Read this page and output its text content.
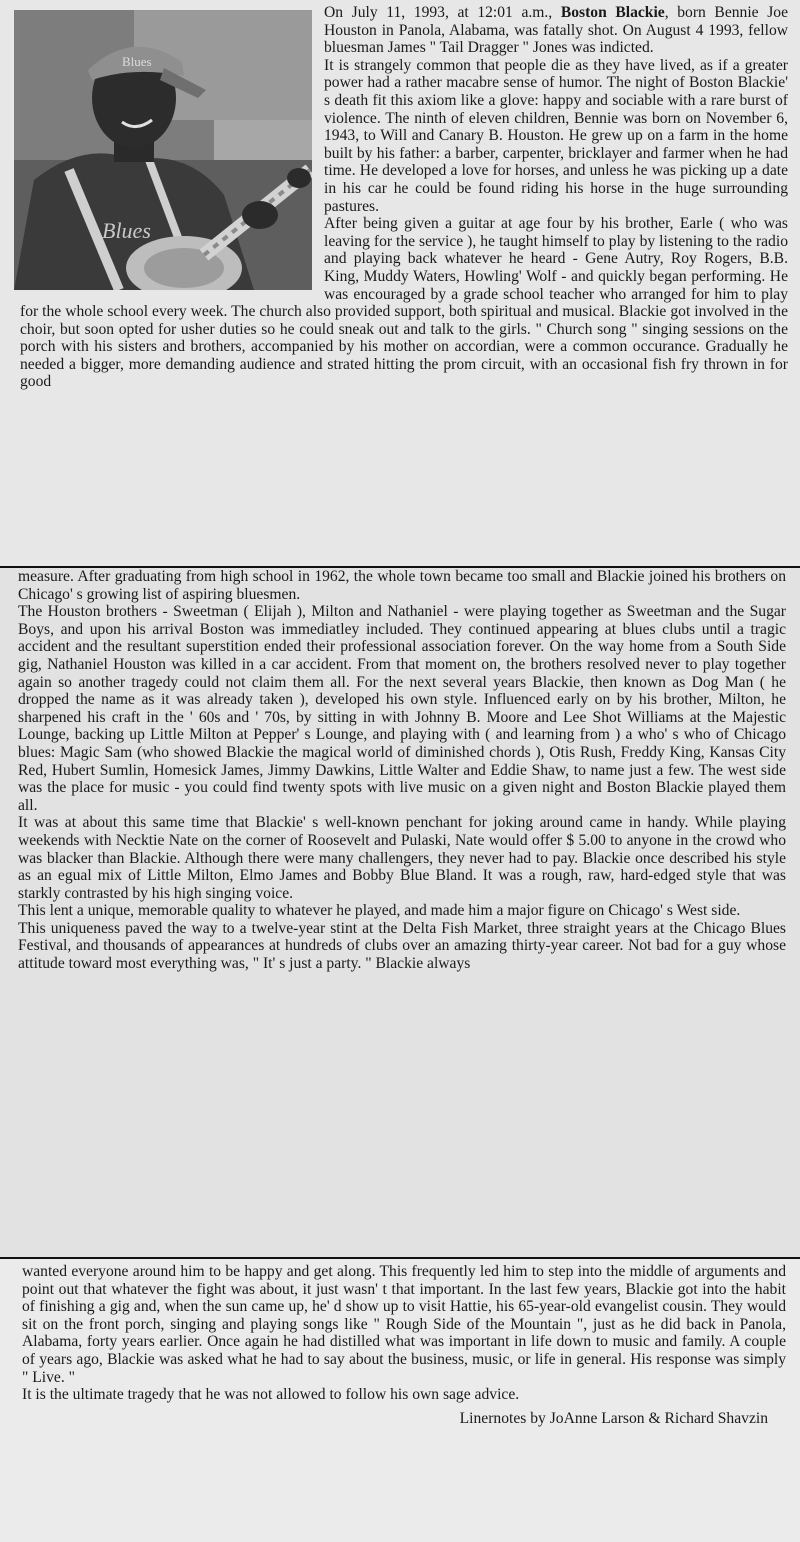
Blues
Blues

On July 11, 1993, at 12:01 a.m., Boston Blackie, born Bennie Joe Houston in Panola, Alabama, was fatally shot. On August 4 1993, fellow bluesman James " Tail Dragger " Jones was indicted.

It is strangely common that people die as they have lived, as if a greater power had a rather macabre sense of humor. The night of Boston Blackie' s death fit this axiom like a glove: happy and sociable with a rare burst of violence. The ninth of eleven children, Bennie was born on November 6, 1943, to Will and Canary B. Houston. He grew up on a farm in the home built by his father: a barber, carpenter, bricklayer and farmer when he had time. He developed a love for horses, and unless he was picking up a date in his car he could be found riding his horse in the huge surrounding pastures.

After being given a guitar at age four by his brother, Earle ( who was leaving for the service ), he taught himself to play by listening to the radio and playing back whatever he heard - Gene Autry, Roy Rogers, B.B. King, Muddy Waters, Howling' Wolf - and quickly began performing. He was encouraged by a grade school teacher who arranged for him to play for the whole school every week. The church also provided support, both spiritual and musical. Blackie got involved in the choir, but soon opted for usher duties so he could sneak out and talk to the girls. " Church song " singing sessions on the porch with his sisters and brothers, accompanied by his mother on accordian, were a common occurance. Gradually he needed a bigger, more demanding audience and strated hitting the prom circuit, with an occasional fish fry thrown in for good

measure. After graduating from high school in 1962, the whole town became too small and Blackie joined his brothers on Chicago' s growing list of aspiring bluesmen.

The Houston brothers - Sweetman ( Elijah ), Milton and Nathaniel - were playing together as Sweetman and the Sugar Boys, and upon his arrival Boston was immediatley included. They continued appearing at blues clubs until a tragic accident and the resultant superstition ended their professional association forever. On the way home from a South Side gig, Nathaniel Houston was killed in a car accident. From that moment on, the brothers resolved never to play together again so another tragedy could not claim them all. For the next several years Blackie, then known as Dog Man ( he dropped the name as it was already taken ), developed his own style. Influenced early on by his brother, Milton, he sharpened his craft in the ' 60s and ' 70s, by sitting in with Johnny B. Moore and Lee Shot Williams at the Majestic Lounge, backing up Little Milton at Pepper' s Lounge, and playing with ( and learning from ) a who' s who of Chicago blues: Magic Sam (who showed Blackie the magical world of diminished chords ), Otis Rush, Freddy King, Kansas City Red, Hubert Sumlin, Homesick James, Jimmy Dawkins, Little Walter and Eddie Shaw, to name just a few. The west side was the place for music - you could find twenty spots with live music on a given night and Boston Blackie played them all.

It was at about this same time that Blackie' s well-known penchant for joking around came in handy. While playing weekends with Necktie Nate on the corner of Roosevelt and Pulaski, Nate would offer $ 5.00 to anyone in the crowd who was blacker than Blackie. Although there were many challengers, they never had to pay. Blackie once described his style as an egual mix of Little Milton, Elmo James and Bobby Blue Bland. It was a rough, raw, hard-edged style that was starkly contrasted by his high singing voice.

This lent a unique, memorable quality to whatever he played, and made him a major figure on Chicago' s West side.

This uniqueness paved the way to a twelve-year stint at the Delta Fish Market, three straight years at the Chicago Blues Festival, and thousands of appearances at hundreds of clubs over an amazing thirty-year career. Not bad for a guy whose attitude toward most everything was, " It' s just a party. " Blackie always

wanted everyone around him to be happy and get along. This frequently led him to step into the middle of arguments and point out that whatever the fight was about, it just wasn' t that important. In the last few years, Blackie got into the habit of finishing a gig and, when the sun came up, he' d show up to visit Hattie, his 65-year-old evangelist cousin. They would sit on the front porch, singing and playing songs like " Rough Side of the Mountain ", just as he did back in Panola, Alabama, forty years earlier. Once again he had distilled what was important in life down to music and family. A couple of years ago, Blackie was asked what he had to say about the business, music, or life in general. His response was simply " Live. "

It is the ultimate tragedy that he was not allowed to follow his own sage advice.

Linernotes by JoAnne Larson & Richard Shavzin
